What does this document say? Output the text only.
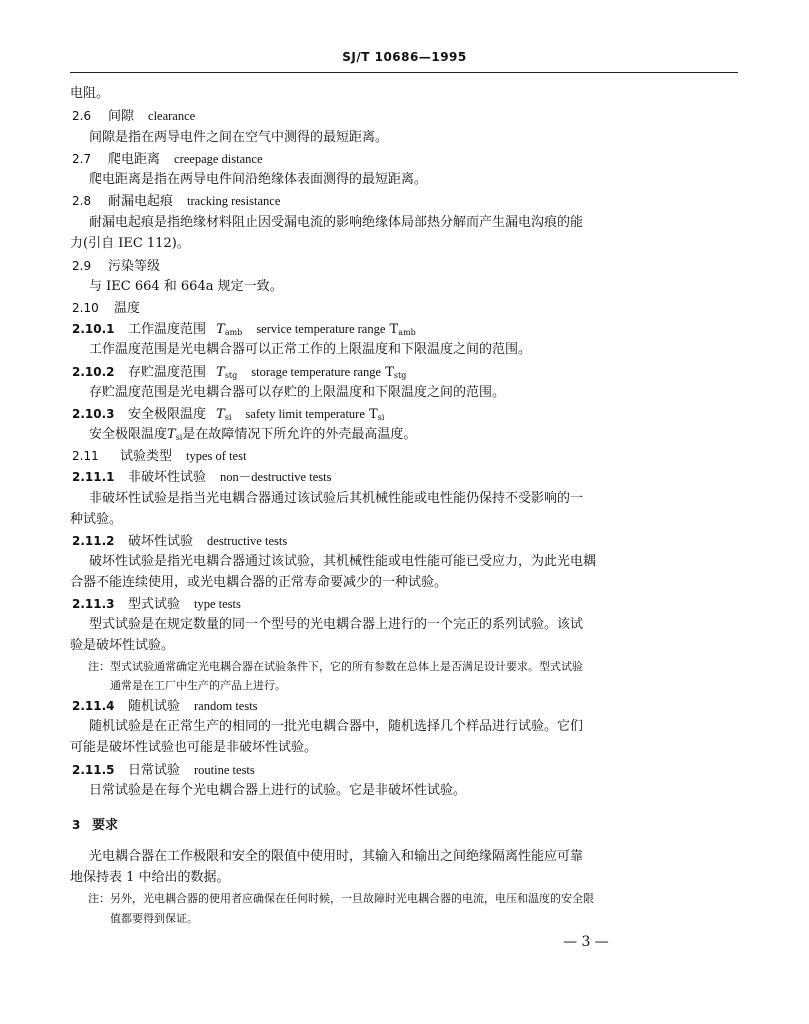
SJ/T 10686—1995
电阻。
2.6 间隙 clearance
间隙是指在两导电件之间在空气中测得的最短距离。
2.7 爬电距离 creepage distance
爬电距离是指在两导电件间沿绝缘体表面测得的最短距离。
2.8 耐漏电起痕 tracking resistance
耐漏电起痕是指绝缘材料阻止因受漏电流的影响绝缘体局部热分解而产生漏电沟痕的能
力(引自 IEC 112)。
2.9 污染等级
与 IEC 664 和 664a 规定一致。
2.10 温度
2.10.1 工作温度范围 $T_{amb}$ service temperature range $T_{amb}$
工作温度范围是光电耦合器可以正常工作的上限温度和下限温度之间的范围。
2.10.2 存贮温度范围 $T_{stg}$ storage temperature range $T_{stg}$
存贮温度范围是光电耦合器可以存贮的上限温度和下限温度之间的范围。
2.10.3 安全极限温度 $T_{si}$ safety limit temperature $T_{si}$
安全极限温度$T_{si}$是在故障情况下所允许的外壳最高温度。
2.11 试验类型 types of test
2.11.1 非破坏性试验 non－destructive tests
非破坏性试验是指当光电耦合器通过该试验后其机械性能或电性能仍保持不受影响的一
种试验。
2.11.2 破坏性试验 destructive tests
破坏性试验是指光电耦合器通过该试验，其机械性能或电性能可能已受应力，为此光电耦
合器不能连续使用，或光电耦合器的正常寿命要减少的一种试验。
2.11.3 型式试验 type tests
型式试验是在规定数量的同一个型号的光电耦合器上进行的一个完正的系列试验。该试
验是破坏性试验。
注：型式试验通常确定光电耦合器在试验条件下，它的所有参数在总体上是否满足设计要求。型式试验
通常是在工厂中生产的产品上进行。
2.11.4 随机试验 random tests
随机试验是在正常生产的相同的一批光电耦合器中，随机选择几个样品进行试验。它们
可能是破坏性试验也可能是非破坏性试验。
2.11.5 日常试验 routine tests
日常试验是在每个光电耦合器上进行的试验。它是非破坏性试验。
3 要求
光电耦合器在工作极限和安全的限值中使用时，其输入和输出之间绝缘隔离性能应可靠
地保持表 1 中给出的数据。
注：另外，光电耦合器的使用者应确保在任何时候，一旦故障时光电耦合器的电流，电压和温度的安全限
值都要得到保证。
— 3 —
